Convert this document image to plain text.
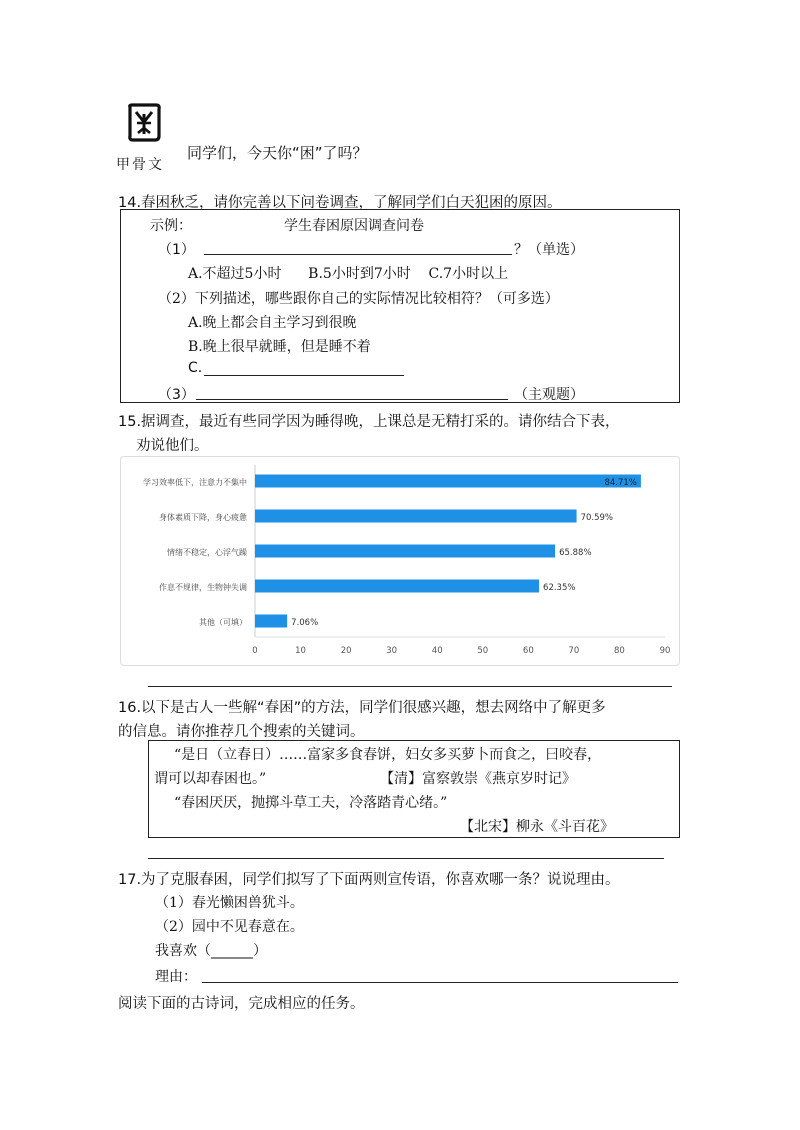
甲骨文
同学们，今天你“困”了吗？
14.春困秋乏，请你完善以下问卷调查，了解同学们白天犯困的原因。
示例：	学生春困原因调查问卷
（1）	？（单选）
A.不超过5小时      B.5小时到7小时    C.7小时以上
（2）下列描述，哪些跟你自己的实际情况比较相符？（可多选）
A.晚上都会自主学习到很晚
B.晚上很早就睡，但是睡不着
C.
（3）	（主观题）
15.据调查，最近有些同学因为睡得晚，上课总是无精打采的。请你结合下表，
劝说他们。
学习效率低下，注意力不集中	84.71%
身体素质下降，身心疲惫	70.59%
情绪不稳定，心浮气躁	65.88%
作息不规律，生物钟失调	62.35%
其他（可填）	7.06%
0	10	20	30	40	50	60	70	80	90
16.以下是古人一些解“春困”的方法，同学们很感兴趣，想去网络中了解更多
的信息。请你推荐几个搜索的关键词。
“是日（立春日）……富家多食春饼，妇女多买萝卜而食之，曰咬春，
谓可以却春困也。”	【清】富察敦崇《燕京岁时记》
“春困厌厌，抛掷斗草工夫，冷落踏青心绪。”
【北宋】柳永《斗百花》
17.为了克服春困，同学们拟写了下面两则宣传语，你喜欢哪一条？说说理由。
（1）春光懒困兽犹斗。
（2）园中不见春意在。
我喜欢（______）
理由：
阅读下面的古诗词，完成相应的任务。
